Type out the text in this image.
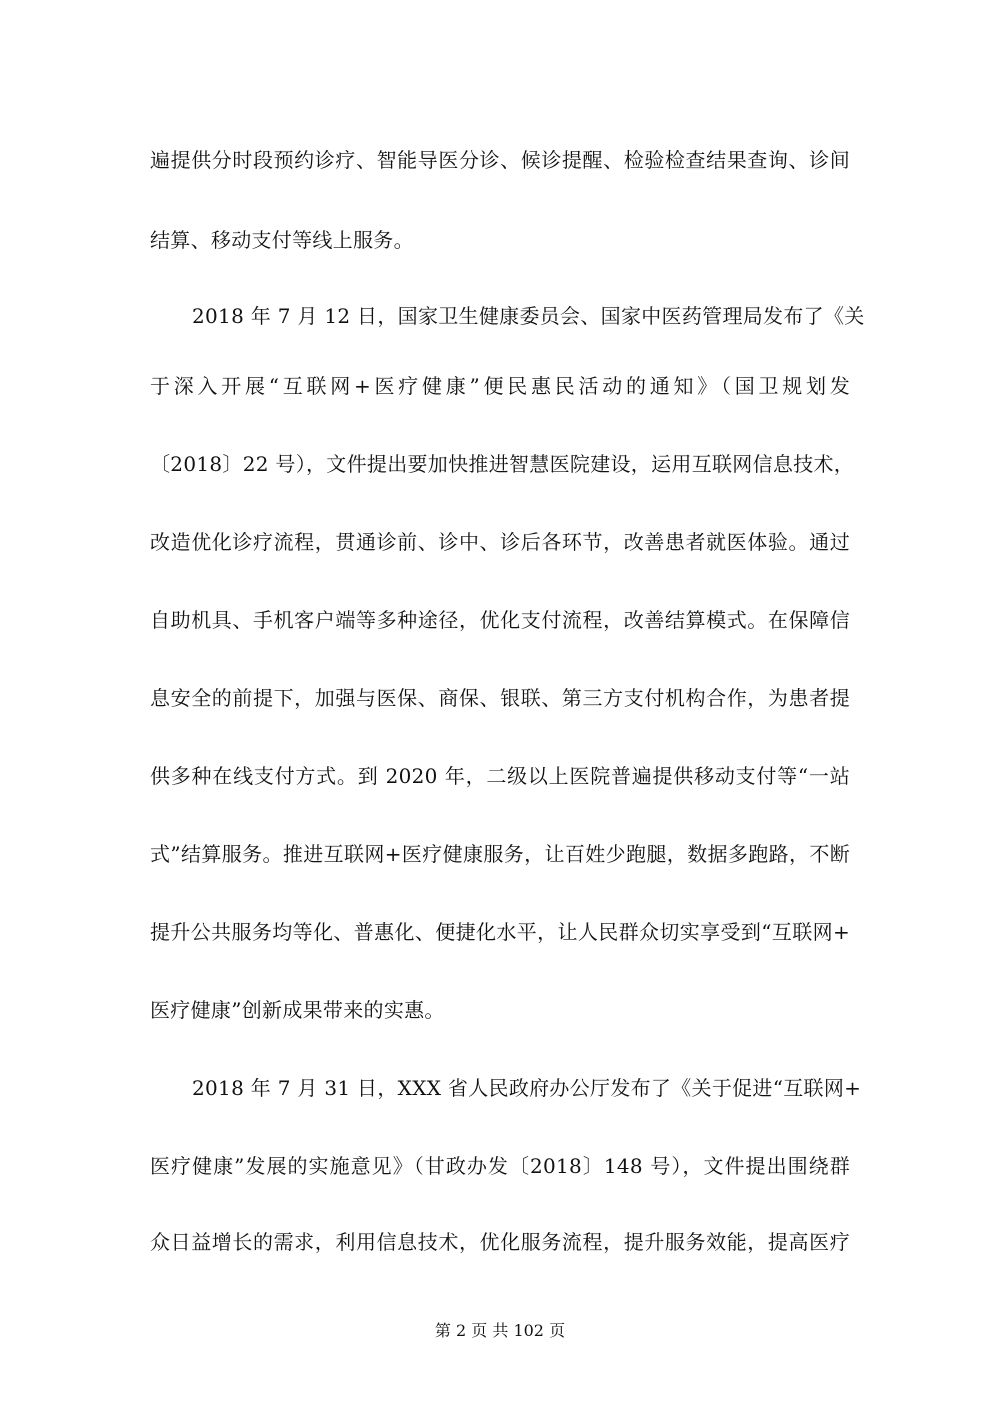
遍提供分时段预约诊疗、智能导医分诊、候诊提醒、检验检查结果查询、诊间
结算、移动支付等线上服务。
2018 年 7 月 12 日，国家卫生健康委员会、国家中医药管理局发布了《关
于深入开展“互联网+医疗健康”便民惠民活动的通知》（国卫规划发
〔2018〕22 号），文件提出要加快推进智慧医院建设，运用互联网信息技术，
改造优化诊疗流程，贯通诊前、诊中、诊后各环节，改善患者就医体验。通过
自助机具、手机客户端等多种途径，优化支付流程，改善结算模式。在保障信
息安全的前提下，加强与医保、商保、银联、第三方支付机构合作，为患者提
供多种在线支付方式。到 2020 年，二级以上医院普遍提供移动支付等“一站
式”结算服务。推进互联网+医疗健康服务，让百姓少跑腿，数据多跑路，不断
提升公共服务均等化、普惠化、便捷化水平，让人民群众切实享受到“互联网+
医疗健康”创新成果带来的实惠。
2018 年 7 月 31 日，XXX 省人民政府办公厅发布了《关于促进“互联网+
医疗健康”发展的实施意见》（甘政办发〔2018〕148 号），文件提出围绕群
众日益增长的需求，利用信息技术，优化服务流程，提升服务效能，提高医疗
第 2 页 共 102 页
